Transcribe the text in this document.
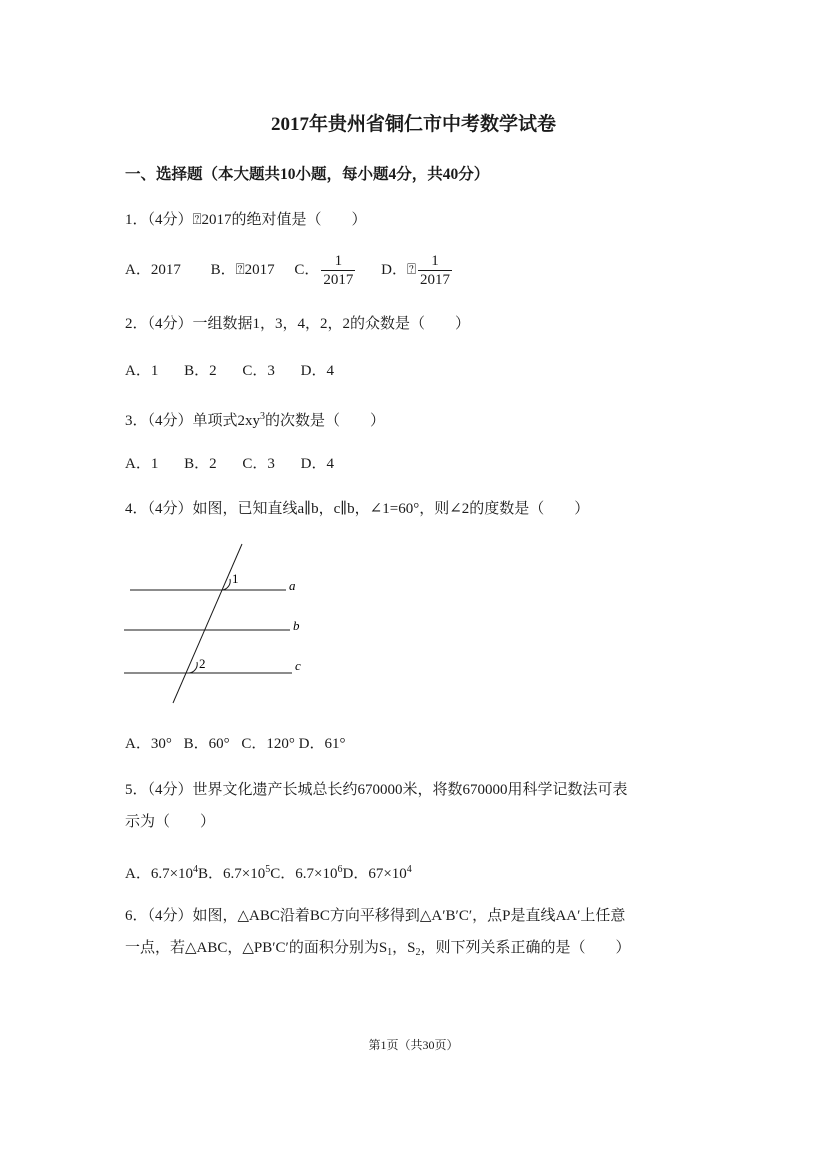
2017年贵州省铜仁市中考数学试卷
一、选择题（本大题共10小题，每小题4分，共40分）
1．（4分）⍰2017的绝对值是（　　）
A．2017 B．⍰2017 C． $\frac{1}{2017}$ D．⍰ $\frac{1}{2017}$
2．（4分）一组数据1，3，4，2，2的众数是（　　）
A．1 B．2 C．3 D．4
3．（4分）单项式$2xy^3$的次数是（　　）
A．1 B．2 C．3 D．4
4．（4分）如图，已知直线a∥b，c∥b，∠1=60°，则∠2的度数是（　　）
1
2
a
b
c
A．30° B．60° C．120° D．61°
5．（4分）世界文化遗产长城总长约670000米，将数670000用科学记数法可表
示为（　　）
A．$6.7\times 10^4B$．$6.7\times 10^5C$．$6.7\times 10^6D$．$67\times 10^4$
6．（4分）如图，△ABC沿着BC方向平移得到△A′B′C′，点P是直线AA′上任意
一点，若△ABC，△PB′C′的面积分别为$S_1$，$S_2$，则下列关系正确的是（　　）
第1页（共30页）
